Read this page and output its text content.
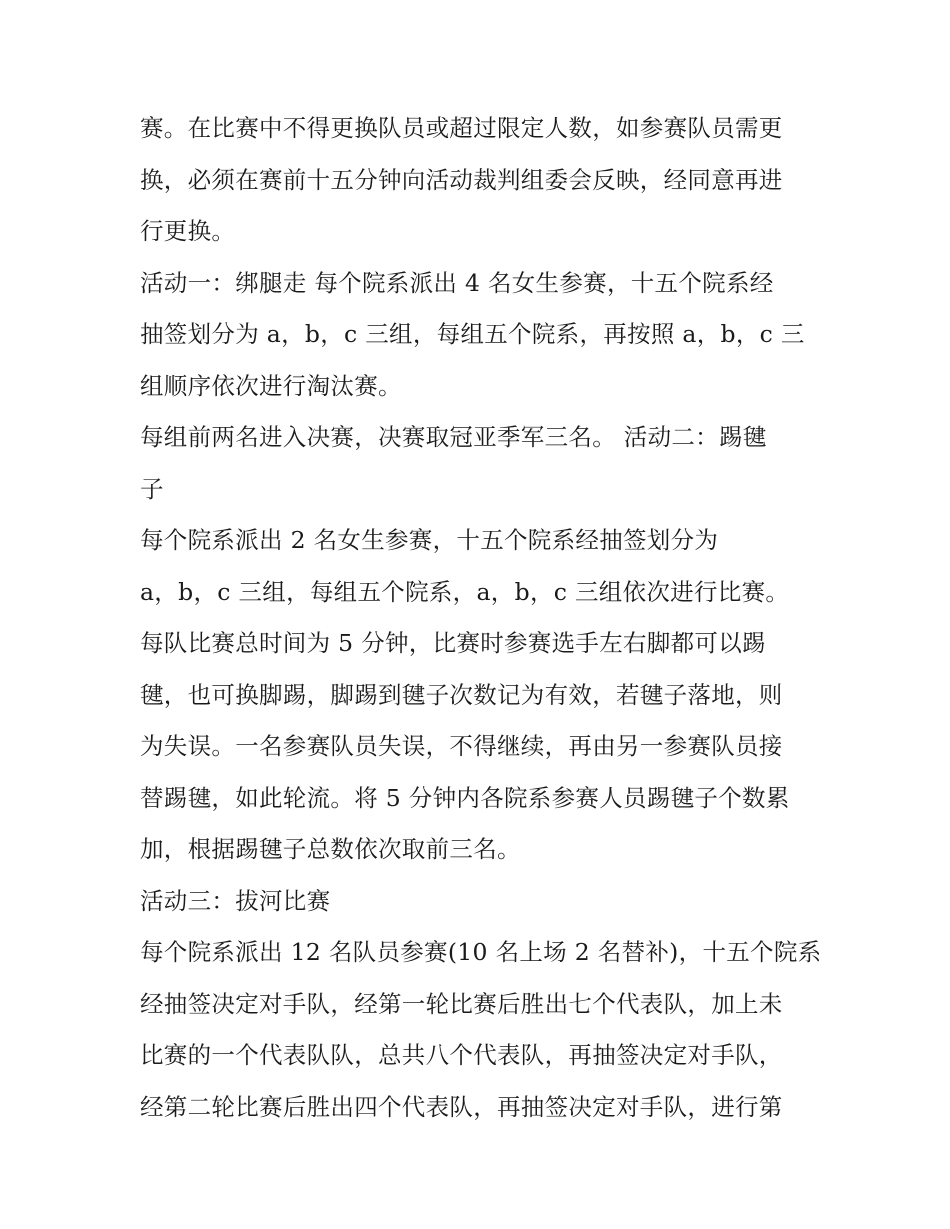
赛。在比赛中不得更换队员或超过限定人数，如参赛队员需更
换，必须在赛前十五分钟向活动裁判组委会反映，经同意再进
行更换。
活动一：绑腿走 每个院系派出 4 名女生参赛，十五个院系经
抽签划分为 a，b，c 三组，每组五个院系，再按照 a，b，c 三
组顺序依次进行淘汰赛。
每组前两名进入决赛，决赛取冠亚季军三名。 活动二：踢毽
子
每个院系派出 2 名女生参赛，十五个院系经抽签划分为
a，b，c 三组，每组五个院系，a，b，c 三组依次进行比赛。
每队比赛总时间为 5 分钟，比赛时参赛选手左右脚都可以踢
毽，也可换脚踢，脚踢到毽子次数记为有效，若毽子落地，则
为失误。一名参赛队员失误，不得继续，再由另一参赛队员接
替踢毽，如此轮流。将 5 分钟内各院系参赛人员踢毽子个数累
加，根据踢毽子总数依次取前三名。
活动三：拔河比赛
每个院系派出 12 名队员参赛(10 名上场 2 名替补)，十五个院系
经抽签决定对手队，经第一轮比赛后胜出七个代表队，加上未
比赛的一个代表队队，总共八个代表队，再抽签决定对手队，
经第二轮比赛后胜出四个代表队，再抽签决定对手队，进行第
